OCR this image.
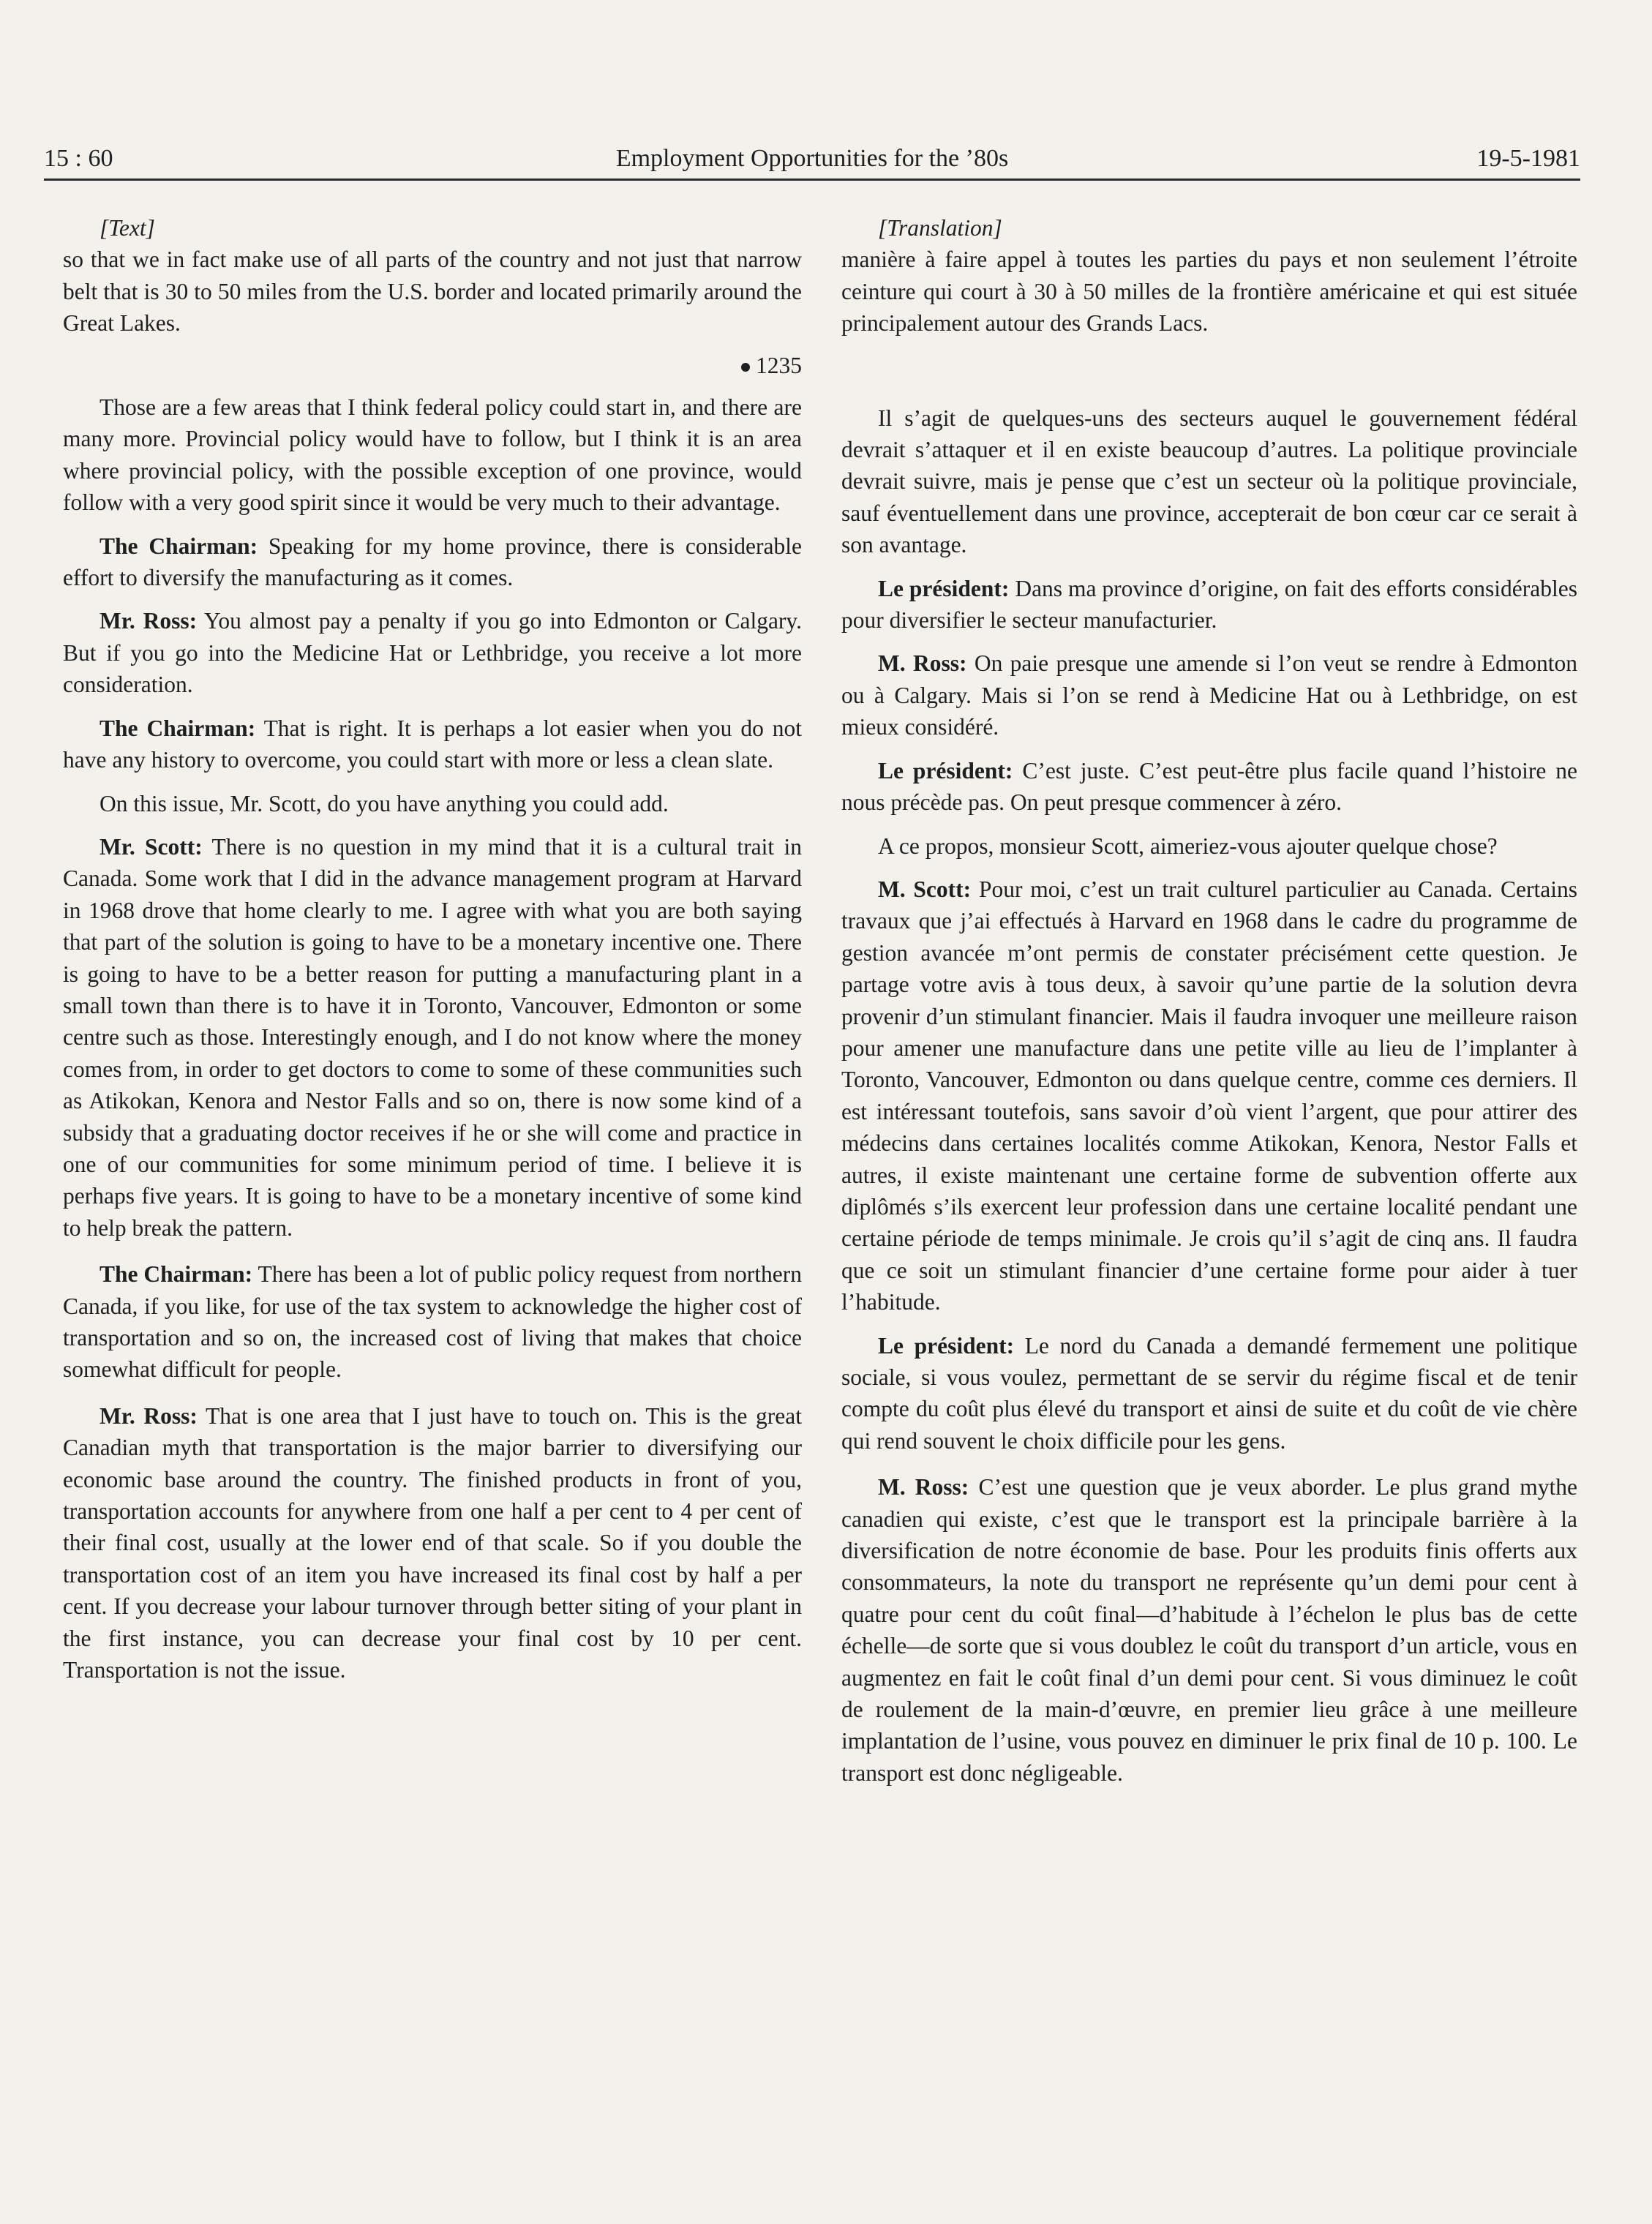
15 : 60	Employment Opportunities for the ’80s	19-5-1981

[Text]

so that we in fact make use of all parts of the country and not just that narrow belt that is 30 to 50 miles from the U.S. border and located primarily around the Great Lakes.

1235

Those are a few areas that I think federal policy could start in, and there are many more. Provincial policy would have to follow, but I think it is an area where provincial policy, with the possible exception of one province, would follow with a very good spirit since it would be very much to their advantage.

The Chairman: Speaking for my home province, there is considerable effort to diversify the manufacturing as it comes.

Mr. Ross: You almost pay a penalty if you go into Edmonton or Calgary. But if you go into the Medicine Hat or Lethbridge, you receive a lot more consideration.

The Chairman: That is right. It is perhaps a lot easier when you do not have any history to overcome, you could start with more or less a clean slate.

On this issue, Mr. Scott, do you have anything you could add.

Mr. Scott: There is no question in my mind that it is a cultural trait in Canada. Some work that I did in the advance management program at Harvard in 1968 drove that home clearly to me. I agree with what you are both saying that part of the solution is going to have to be a monetary incentive one. There is going to have to be a better reason for putting a manufacturing plant in a small town than there is to have it in Toronto, Vancouver, Edmonton or some centre such as those. Interestingly enough, and I do not know where the money comes from, in order to get doctors to come to some of these communities such as Atikokan, Kenora and Nestor Falls and so on, there is now some kind of a subsidy that a graduating doctor receives if he or she will come and practice in one of our communities for some minimum period of time. I believe it is perhaps five years. It is going to have to be a monetary incentive of some kind to help break the pattern.

The Chairman: There has been a lot of public policy request from northern Canada, if you like, for use of the tax system to acknowledge the higher cost of transportation and so on, the increased cost of living that makes that choice somewhat difficult for people.

Mr. Ross: That is one area that I just have to touch on. This is the great Canadian myth that transportation is the major barrier to diversifying our economic base around the country. The finished products in front of you, transportation accounts for anywhere from one half a per cent to 4 per cent of their final cost, usually at the lower end of that scale. So if you double the transportation cost of an item you have increased its final cost by half a per cent. If you decrease your labour turnover through better siting of your plant in the first instance, you can decrease your final cost by 10 per cent. Transportation is not the issue.

[Translation]

manière à faire appel à toutes les parties du pays et non seulement l’étroite ceinture qui court à 30 à 50 milles de la frontière américaine et qui est située principalement autour des Grands Lacs.

Il s’agit de quelques-uns des secteurs auquel le gouvernement fédéral devrait s’attaquer et il en existe beaucoup d’autres. La politique provinciale devrait suivre, mais je pense que c’est un secteur où la politique provinciale, sauf éventuellement dans une province, accepterait de bon cœur car ce serait à son avantage.

Le président: Dans ma province d’origine, on fait des efforts considérables pour diversifier le secteur manufacturier.

M. Ross: On paie presque une amende si l’on veut se rendre à Edmonton ou à Calgary. Mais si l’on se rend à Medicine Hat ou à Lethbridge, on est mieux considéré.

Le président: C’est juste. C’est peut-être plus facile quand l’histoire ne nous précède pas. On peut presque commencer à zéro.

A ce propos, monsieur Scott, aimeriez-vous ajouter quelque chose?

M. Scott: Pour moi, c’est un trait culturel particulier au Canada. Certains travaux que j’ai effectués à Harvard en 1968 dans le cadre du programme de gestion avancée m’ont permis de constater précisément cette question. Je partage votre avis à tous deux, à savoir qu’une partie de la solution devra provenir d’un stimulant financier. Mais il faudra invoquer une meilleure raison pour amener une manufacture dans une petite ville au lieu de l’implanter à Toronto, Vancouver, Edmonton ou dans quelque centre, comme ces derniers. Il est intéressant toutefois, sans savoir d’où vient l’argent, que pour attirer des médecins dans certaines localités comme Atikokan, Kenora, Nestor Falls et autres, il existe maintenant une certaine forme de subvention offerte aux diplômés s’ils exercent leur profession dans une certaine localité pendant une certaine période de temps minimale. Je crois qu’il s’agit de cinq ans. Il faudra que ce soit un stimulant financier d’une certaine forme pour aider à tuer l’habitude.

Le président: Le nord du Canada a demandé fermement une politique sociale, si vous voulez, permettant de se servir du régime fiscal et de tenir compte du coût plus élevé du transport et ainsi de suite et du coût de vie chère qui rend souvent le choix difficile pour les gens.

M. Ross: C’est une question que je veux aborder. Le plus grand mythe canadien qui existe, c’est que le transport est la principale barrière à la diversification de notre économie de base. Pour les produits finis offerts aux consommateurs, la note du transport ne représente qu’un demi pour cent à quatre pour cent du coût final—d’habitude à l’échelon le plus bas de cette échelle—de sorte que si vous doublez le coût du transport d’un article, vous en augmentez en fait le coût final d’un demi pour cent. Si vous diminuez le coût de roulement de la main-d’œuvre, en premier lieu grâce à une meilleure implantation de l’usine, vous pouvez en diminuer le prix final de 10 p. 100. Le transport est donc négligeable.
